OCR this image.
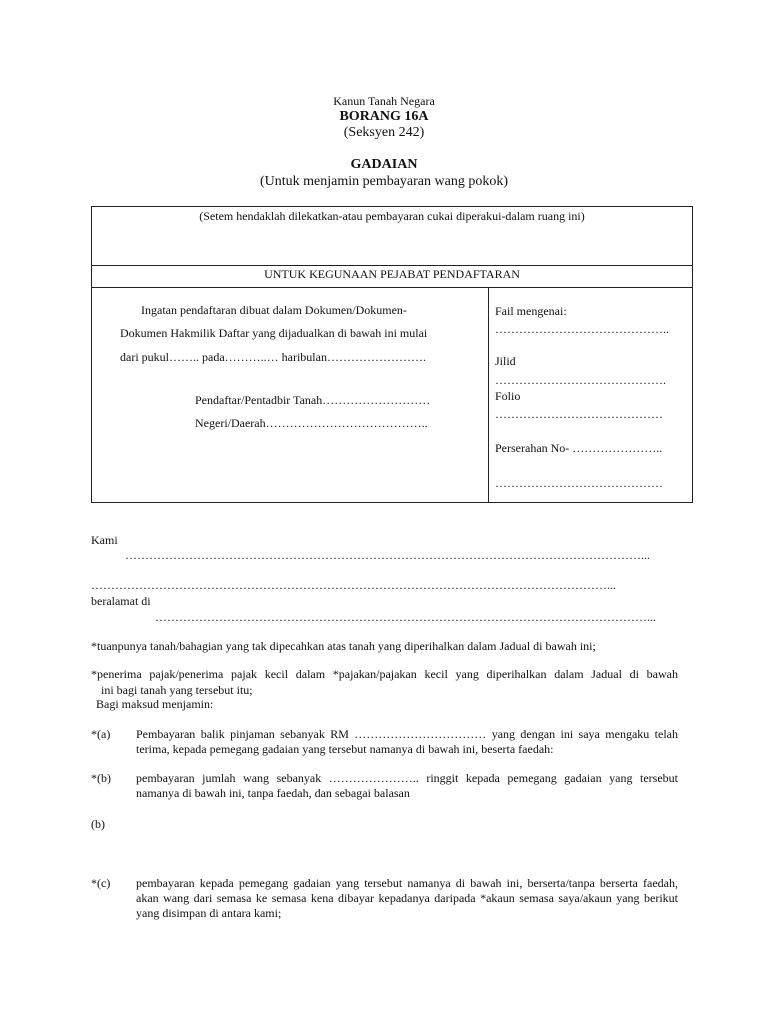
Kanun Tanah Negara
BORANG 16A
(Seksyen 242)
GADAIAN
(Untuk menjamin pembayaran wang pokok)
(Setem hendaklah dilekatkan-atau pembayaran cukai diperakui-dalam ruang ini)
UNTUK KEGUNAAN PEJABAT PENDAFTARAN
Ingatan pendaftaran dibuat dalam Dokumen/Dokumen-
Dokumen Hakmilik Daftar yang dijadualkan di bawah ini mulai
dari pukul…….. pada………..… haribulan…………………….
Pendaftar/Pentadbir Tanah………………………
Negeri/Daerah…………………………………..
Fail mengenai:
……………………………………..
Jilid
…………………………………….
Folio
……………………………………
Perserahan No- …………………..
……………………………………
Kami
…………………………………………………………………………………………………………………...
…………………………………………………………………………………………………………………...
beralamat di
……………………………………………………………………………………………………………...
*tuanpunya tanah/bahagian yang tak dipecahkan atas tanah yang diperihalkan dalam Jadual di bawah ini;
*penerima pajak/penerima pajak kecil dalam *pajakan/pajakan kecil yang diperihalkan dalam Jadual di bawah
ini bagi tanah yang tersebut itu;
Bagi maksud menjamin:
*(a) Pembayaran balik pinjaman sebanyak RM …………………………… yang dengan ini saya mengaku telah terima, kepada pemegang gadaian yang tersebut namanya di bawah ini, beserta faedah:
*(b) pembayaran jumlah wang sebanyak ………………….. ringgit kepada pemegang gadaian yang tersebut namanya di bawah ini, tanpa faedah, dan sebagai balasan
(b)
*(c) pembayaran kepada pemegang gadaian yang tersebut namanya di bawah ini, berserta/tanpa berserta faedah, akan wang dari semasa ke semasa kena dibayar kepadanya daripada *akaun semasa saya/akaun yang berikut yang disimpan di antara kami;
